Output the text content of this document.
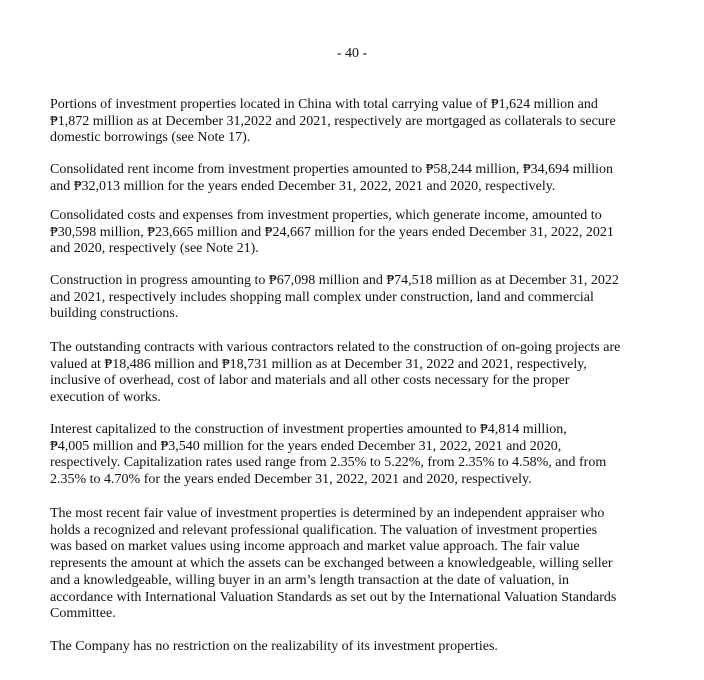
- 40 -

Portions of investment properties located in China with total carrying value of ₱1,624 million and
₱1,872 million as at December 31,2022 and 2021, respectively are mortgaged as collaterals to secure
domestic borrowings (see Note 17).

Consolidated rent income from investment properties amounted to ₱58,244 million, ₱34,694 million
and ₱32,013 million for the years ended December 31, 2022, 2021 and 2020, respectively.

Consolidated costs and expenses from investment properties, which generate income, amounted to
₱30,598 million, ₱23,665 million and ₱24,667 million for the years ended December 31, 2022, 2021
and 2020, respectively (see Note 21).

Construction in progress amounting to ₱67,098 million and ₱74,518 million as at December 31, 2022
and 2021, respectively includes shopping mall complex under construction, land and commercial
building constructions.

The outstanding contracts with various contractors related to the construction of on-going projects are
valued at ₱18,486 million and ₱18,731 million as at December 31, 2022 and 2021, respectively,
inclusive of overhead, cost of labor and materials and all other costs necessary for the proper
execution of works.

Interest capitalized to the construction of investment properties amounted to ₱4,814 million,
₱4,005 million and ₱3,540 million for the years ended December 31, 2022, 2021 and 2020,
respectively. Capitalization rates used range from 2.35% to 5.22%, from 2.35% to 4.58%, and from
2.35% to 4.70% for the years ended December 31, 2022, 2021 and 2020, respectively.

The most recent fair value of investment properties is determined by an independent appraiser who
holds a recognized and relevant professional qualification. The valuation of investment properties
was based on market values using income approach and market value approach. The fair value
represents the amount at which the assets can be exchanged between a knowledgeable, willing seller
and a knowledgeable, willing buyer in an arm’s length transaction at the date of valuation, in
accordance with International Valuation Standards as set out by the International Valuation Standards
Committee.

The Company has no restriction on the realizability of its investment properties.
